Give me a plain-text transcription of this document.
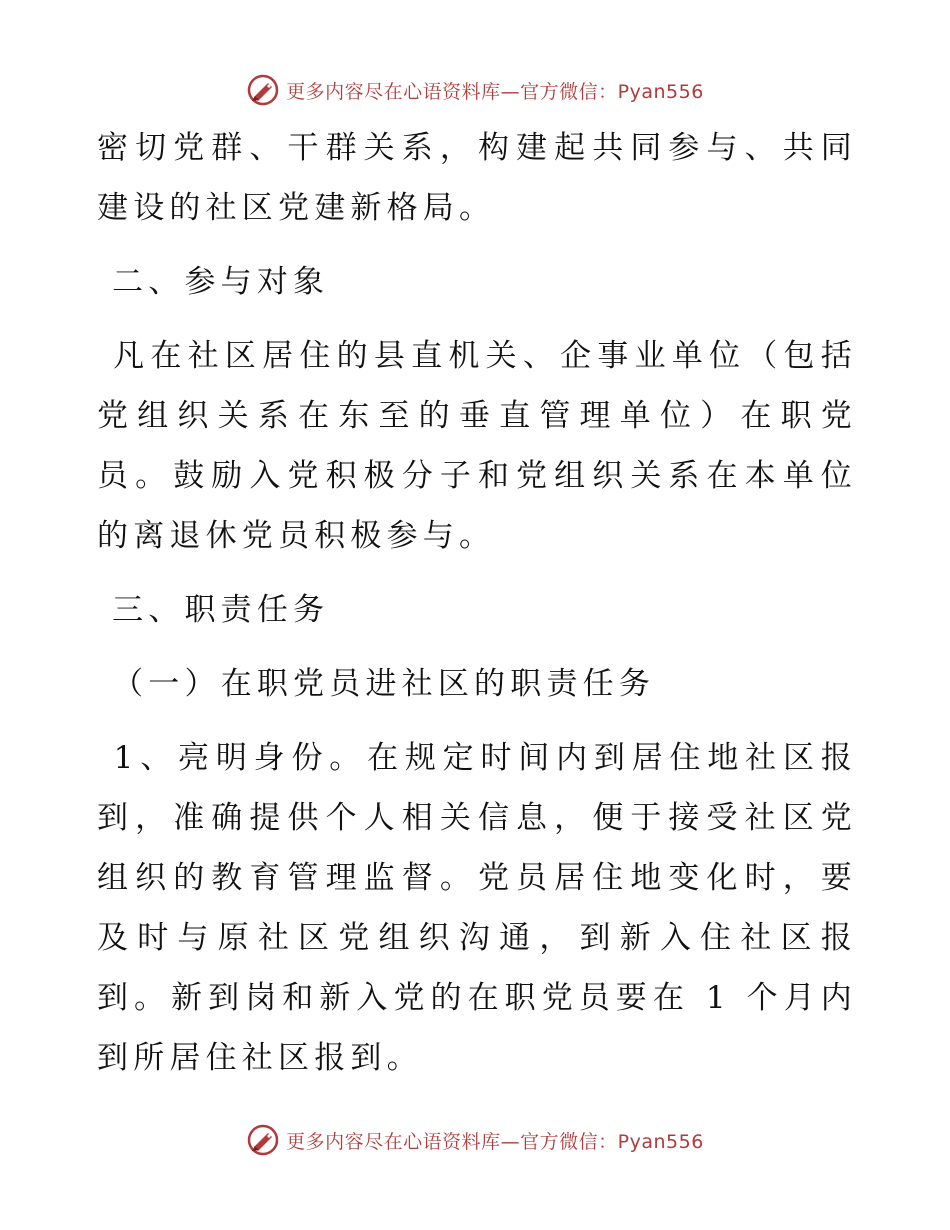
更多内容尽在心语资料库—官方微信：Pyan556

密切党群、干群关系，构建起共同参与、共同建设的社区党建新格局。

二、参与对象

凡在社区居住的县直机关、企事业单位（包括党组织关系在东至的垂直管理单位）在职党员。鼓励入党积极分子和党组织关系在本单位的离退休党员积极参与。

三、职责任务

（一）在职党员进社区的职责任务

1、亮明身份。在规定时间内到居住地社区报到，准确提供个人相关信息，便于接受社区党组织的教育管理监督。党员居住地变化时，要及时与原社区党组织沟通，到新入住社区报到。新到岗和新入党的在职党员要在 1 个月内到所居住社区报到。

更多内容尽在心语资料库—官方微信：Pyan556
